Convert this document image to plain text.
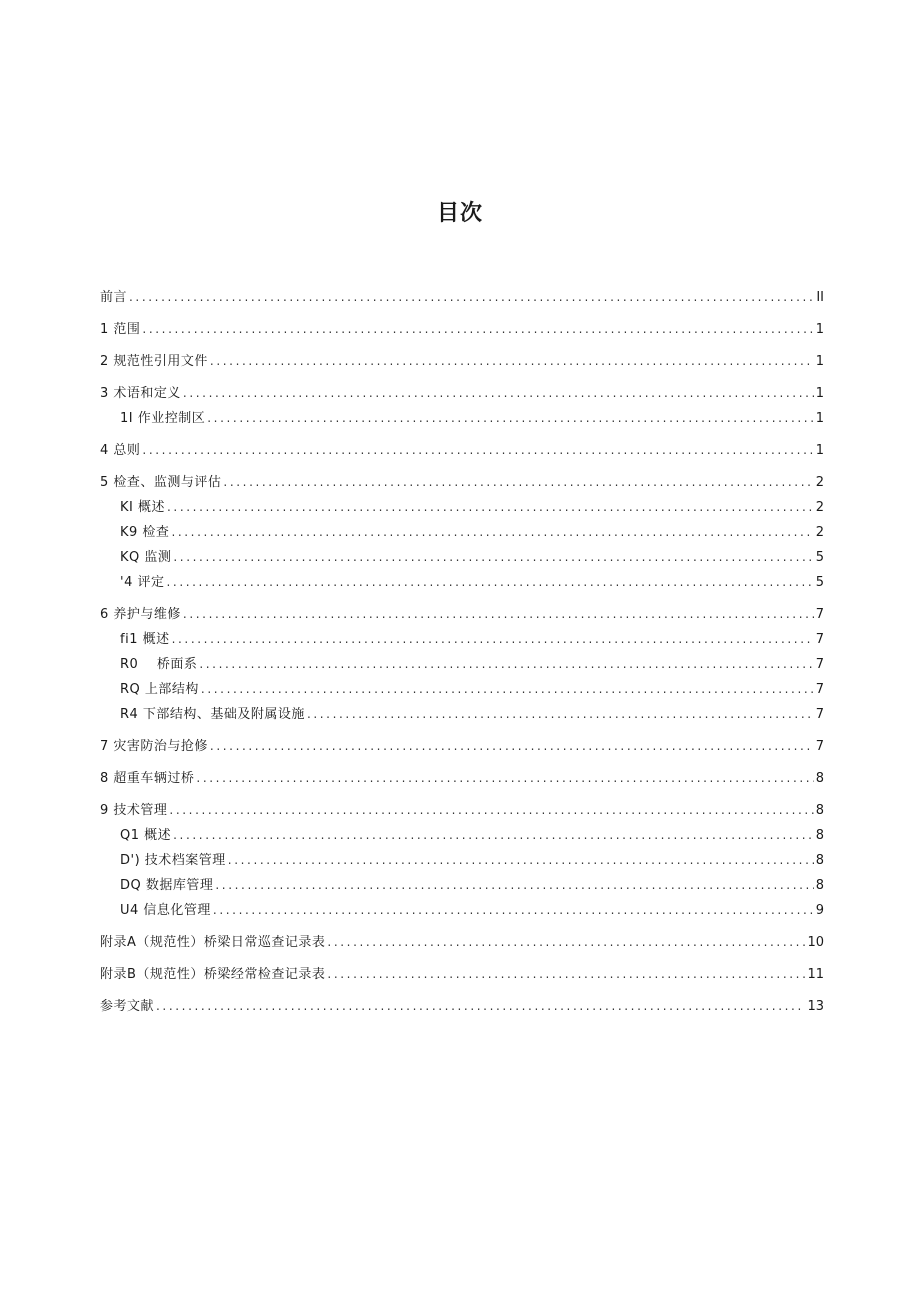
目次
前言 .....	II
1 范围 .....	1
2 规范性引用文件 .....	1
3 术语和定义 .....	1
1I 作业控制区 .....	1
4 总则 .....	1
5 检查、监测与评估 .....	2
KI 概述 .....	2
K9 检查 .....	2
KQ 监测 .....	5
'4 评定 .....	5
6 养护与维修 .....	7
fi1 概述 .....	7
R0    桥面系 .....	7
RQ 上部结构 .....	7
R4 下部结构、基础及附属设施 .....	7
7 灾害防治与抢修 .....	7
8 超重车辆过桥 .....	8
9 技术管理 .....	8
Q1 概述 .....	8
D') 技术档案管理 .....	8
DQ 数据库管理 .....	8
U4 信息化管理 .....	9
附录A（规范性）桥梁日常巡查记录表 .....	10
附录B（规范性）桥梁经常检查记录表 .....	11
参考文献 .....	13
